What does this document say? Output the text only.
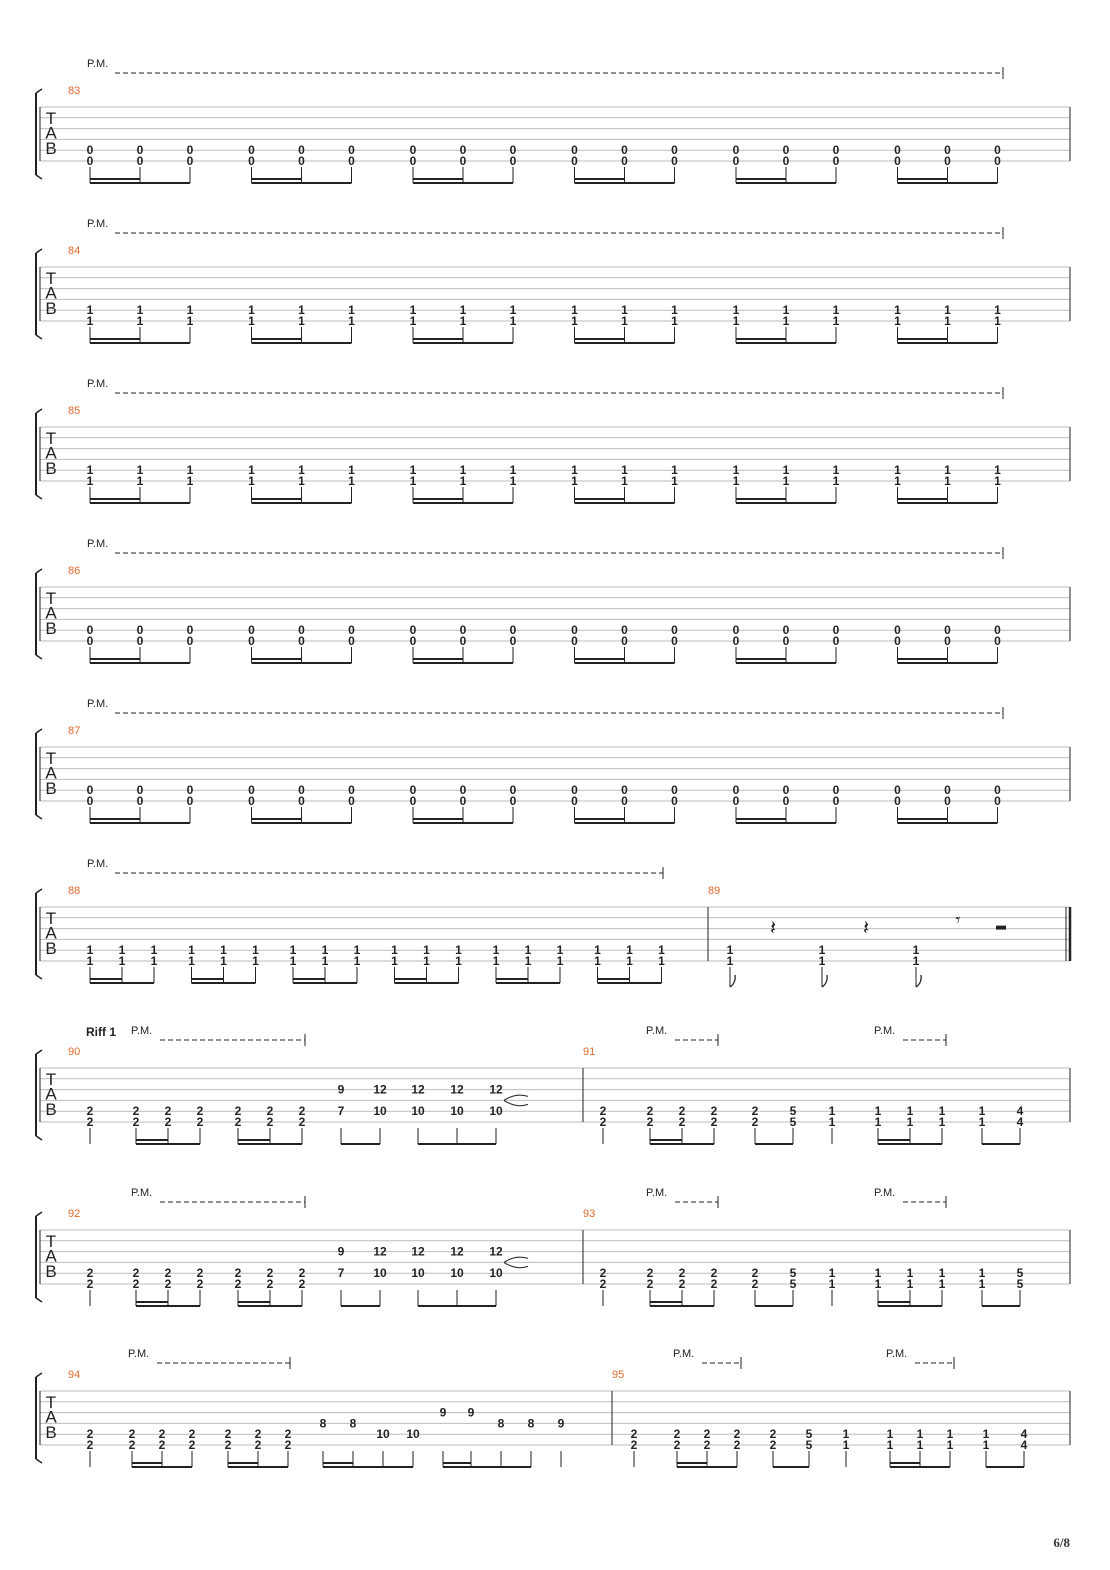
T
A
B
83
P.M.
0
0
0
0
0
0
0
0
0
0
0
0
0
0
0
0
0
0
0
0
0
0
0
0
0
0
0
0
0
0
0
0
0
0
0
0
T
A
B
84
P.M.
1
1
1
1
1
1
1
1
1
1
1
1
1
1
1
1
1
1
1
1
1
1
1
1
1
1
1
1
1
1
1
1
1
1
1
1
T
A
B
85
P.M.
1
1
1
1
1
1
1
1
1
1
1
1
1
1
1
1
1
1
1
1
1
1
1
1
1
1
1
1
1
1
1
1
1
1
1
1
T
A
B
86
P.M.
0
0
0
0
0
0
0
0
0
0
0
0
0
0
0
0
0
0
0
0
0
0
0
0
0
0
0
0
0
0
0
0
0
0
0
0
T
A
B
87
P.M.
0
0
0
0
0
0
0
0
0
0
0
0
0
0
0
0
0
0
0
0
0
0
0
0
0
0
0
0
0
0
0
0
0
0
0
0
T
A
B
88
P.M.
1
1
1
1
1
1
1
1
1
1
1
1
1
1
1
1
1
1
1
1
1
1
1
1
1
1
1
1
1
1
1
1
1
1
1
1
89
1
1
1
1
1
1
𝄽	𝄽	𝄾
T
A
B
Riff 1 P.M.	P.M.	P.M.
90	91
2
2
2
2
2
2
2
2
2
2
2
2
2
2
9
7
12
10
12
10
12
10
12
10	2
2
2
2
2
2
2
2
2
2
5
5
1
1
1
1
1
1
1
1
1
1
4
4
T
A
B
P.M.	P.M.	P.M.
92	93
2
2
2
2
2
2
2
2
2
2
2
2
2
2
9
7
12
10
12
10
12
10
12
10	2
2
2
2
2
2
2
2
2
2
5
5
1
1
1
1
1
1
1
1
1
1
5
5
T
A
B
P.M.	P.M.	P.M.
94	95
2
2
2
2
2
2
2
2
2
2
2
2
2
2
8 8
10 10
9 9
8 8 9
2
2
2
2
2
2
2
2
2
2
5
5
1
1
1
1
1
1
1
1
1
1
4
4
6/8
